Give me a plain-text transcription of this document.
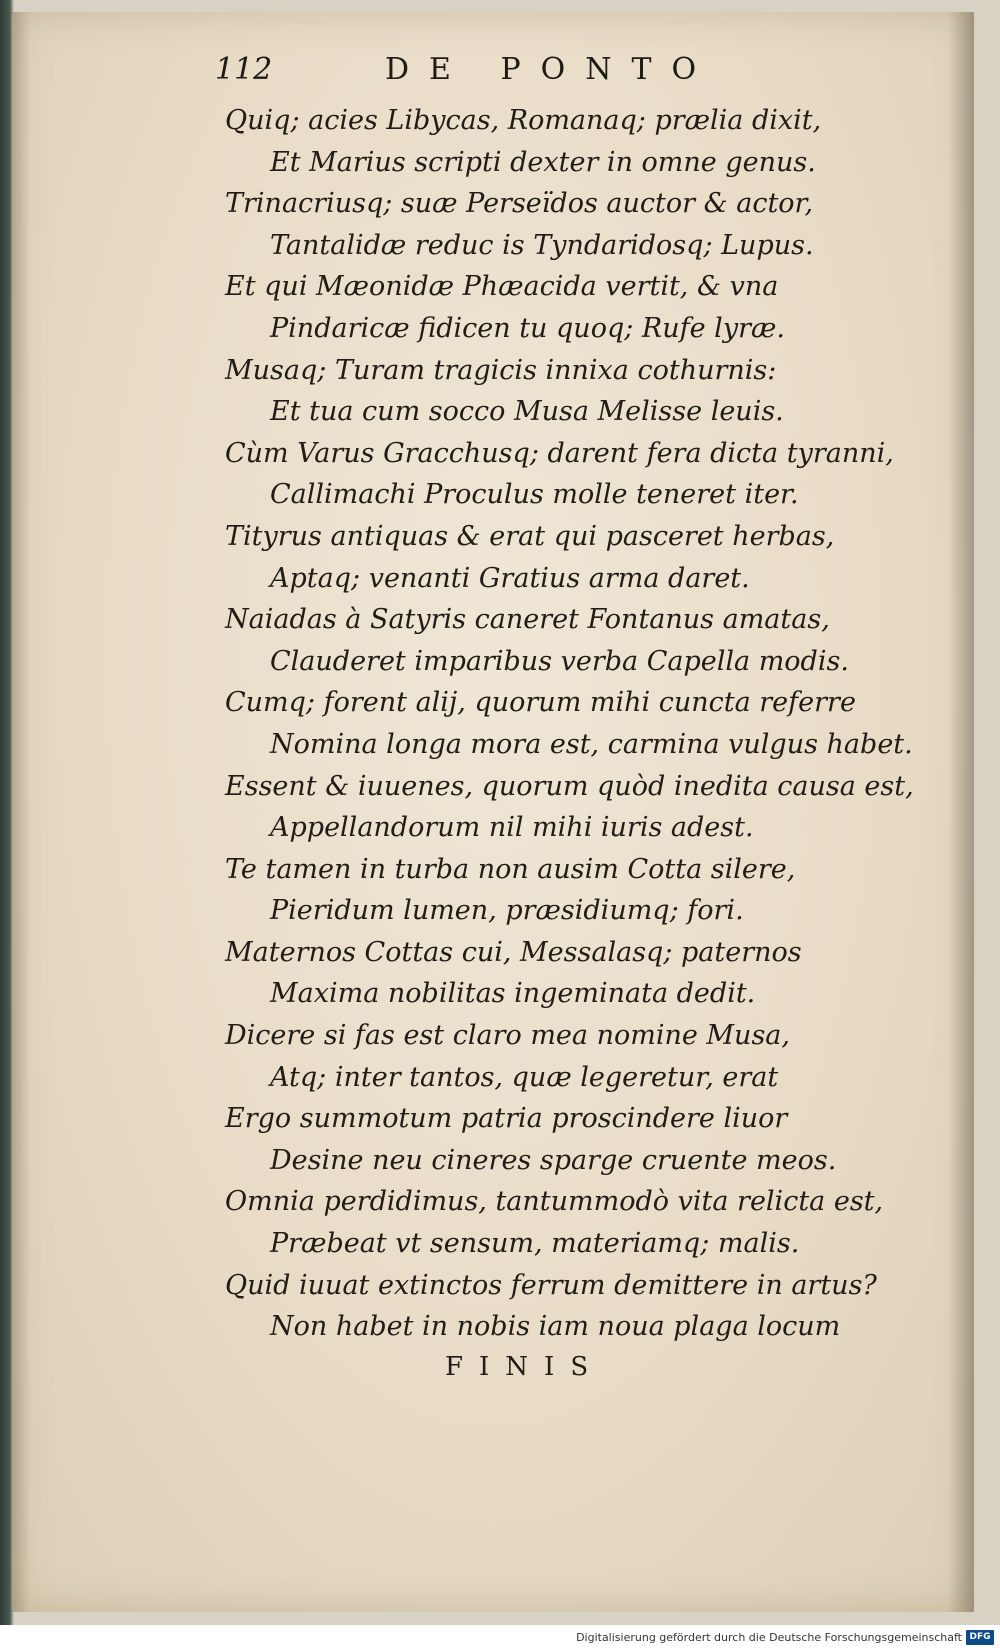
112	DE PONTO
Quiq; acies Libycas, Romanaq; prælia dixit,
Et Marius scripti dexter in omne genus.
Trinacriusq; suæ Perseïdos auctor & actor,
Tantalidæ reduc is Tyndaridosq; Lupus.
Et qui Mæonidæ Phæacida vertit, & vna
Pindaricæ fidicen tu quoq; Rufe lyræ.
Musaq; Turam tragicis innixa cothurnis:
Et tua cum socco Musa Melisse leuis.
Cùm Varus Gracchusq; darent fera dicta tyranni,
Callimachi Proculus molle teneret iter.
Tityrus antiquas & erat qui pasceret herbas,
Aptaq; venanti Gratius arma daret.
Naiadas à Satyris caneret Fontanus amatas,
Clauderet imparibus verba Capella modis.
Cumq; forent alij, quorum mihi cuncta referre
Nomina longa mora est, carmina vulgus habet.
Essent & iuuenes, quorum quòd inedita causa est,
Appellandorum nil mihi iuris adest.
Te tamen in turba non ausim Cotta silere,
Pieridum lumen, præsidiumq; fori.
Maternos Cottas cui, Messalasq; paternos
Maxima nobilitas ingeminata dedit.
Dicere si fas est claro mea nomine Musa,
Atq; inter tantos, quæ legeretur, erat
Ergo summotum patria proscindere liuor
Desine neu cineres sparge cruente meos.
Omnia perdidimus, tantummodò vita relicta est,
Præbeat vt sensum, materiamq; malis.
Quid iuuat extinctos ferrum demittere in artus?
Non habet in nobis iam noua plaga locum
FINIS
Digitalisierung gefördert durch die Deutsche Forschungsgemeinschaft DFG
